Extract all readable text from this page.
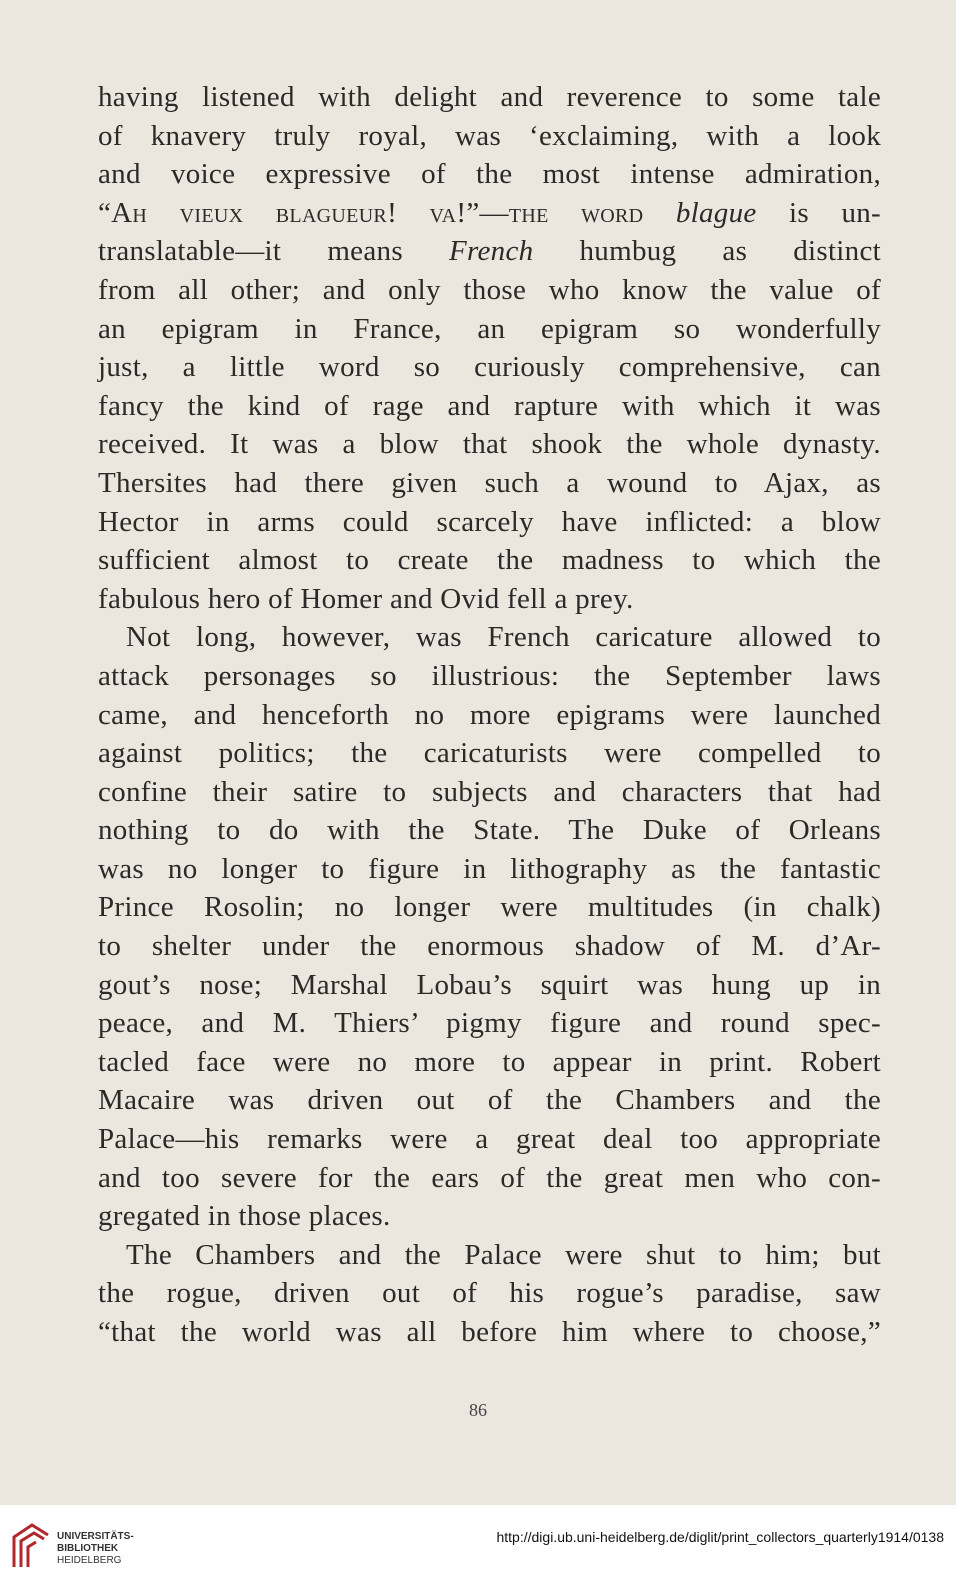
having listened with delight and reverence to some tale
of knavery truly royal, was ‘exclaiming, with a look
and voice expressive of the most intense admiration,
“Ah vieux blagueur! va!”—the word blague is un-
translatable—it means French humbug as distinct
from all other; and only those who know the value of
an epigram in France, an epigram so wonderfully
just, a little word so curiously comprehensive, can
fancy the kind of rage and rapture with which it was
received. It was a blow that shook the whole dynasty.
Thersites had there given such a wound to Ajax, as
Hector in arms could scarcely have inflicted: a blow
sufficient almost to create the madness to which the
fabulous hero of Homer and Ovid fell a prey.
Not long, however, was French caricature allowed to
attack personages so illustrious: the September laws
came, and henceforth no more epigrams were launched
against politics; the caricaturists were compelled to
confine their satire to subjects and characters that had
nothing to do with the State. The Duke of Orleans
was no longer to figure in lithography as the fantastic
Prince Rosolin; no longer were multitudes (in chalk)
to shelter under the enormous shadow of M. d’Ar-
gout’s nose; Marshal Lobau’s squirt was hung up in
peace, and M. Thiers’ pigmy figure and round spec-
tacled face were no more to appear in print. Robert
Macaire was driven out of the Chambers and the
Palace—his remarks were a great deal too appropriate
and too severe for the ears of the great men who con-
gregated in those places.
The Chambers and the Palace were shut to him; but
the rogue, driven out of his rogue’s paradise, saw
“that the world was all before him where to choose,”
86
UNIVERSITÄTS-
BIBLIOTHEK
HEIDELBERG
http://digi.ub.uni-heidelberg.de/diglit/print_collectors_quarterly1914/0138
